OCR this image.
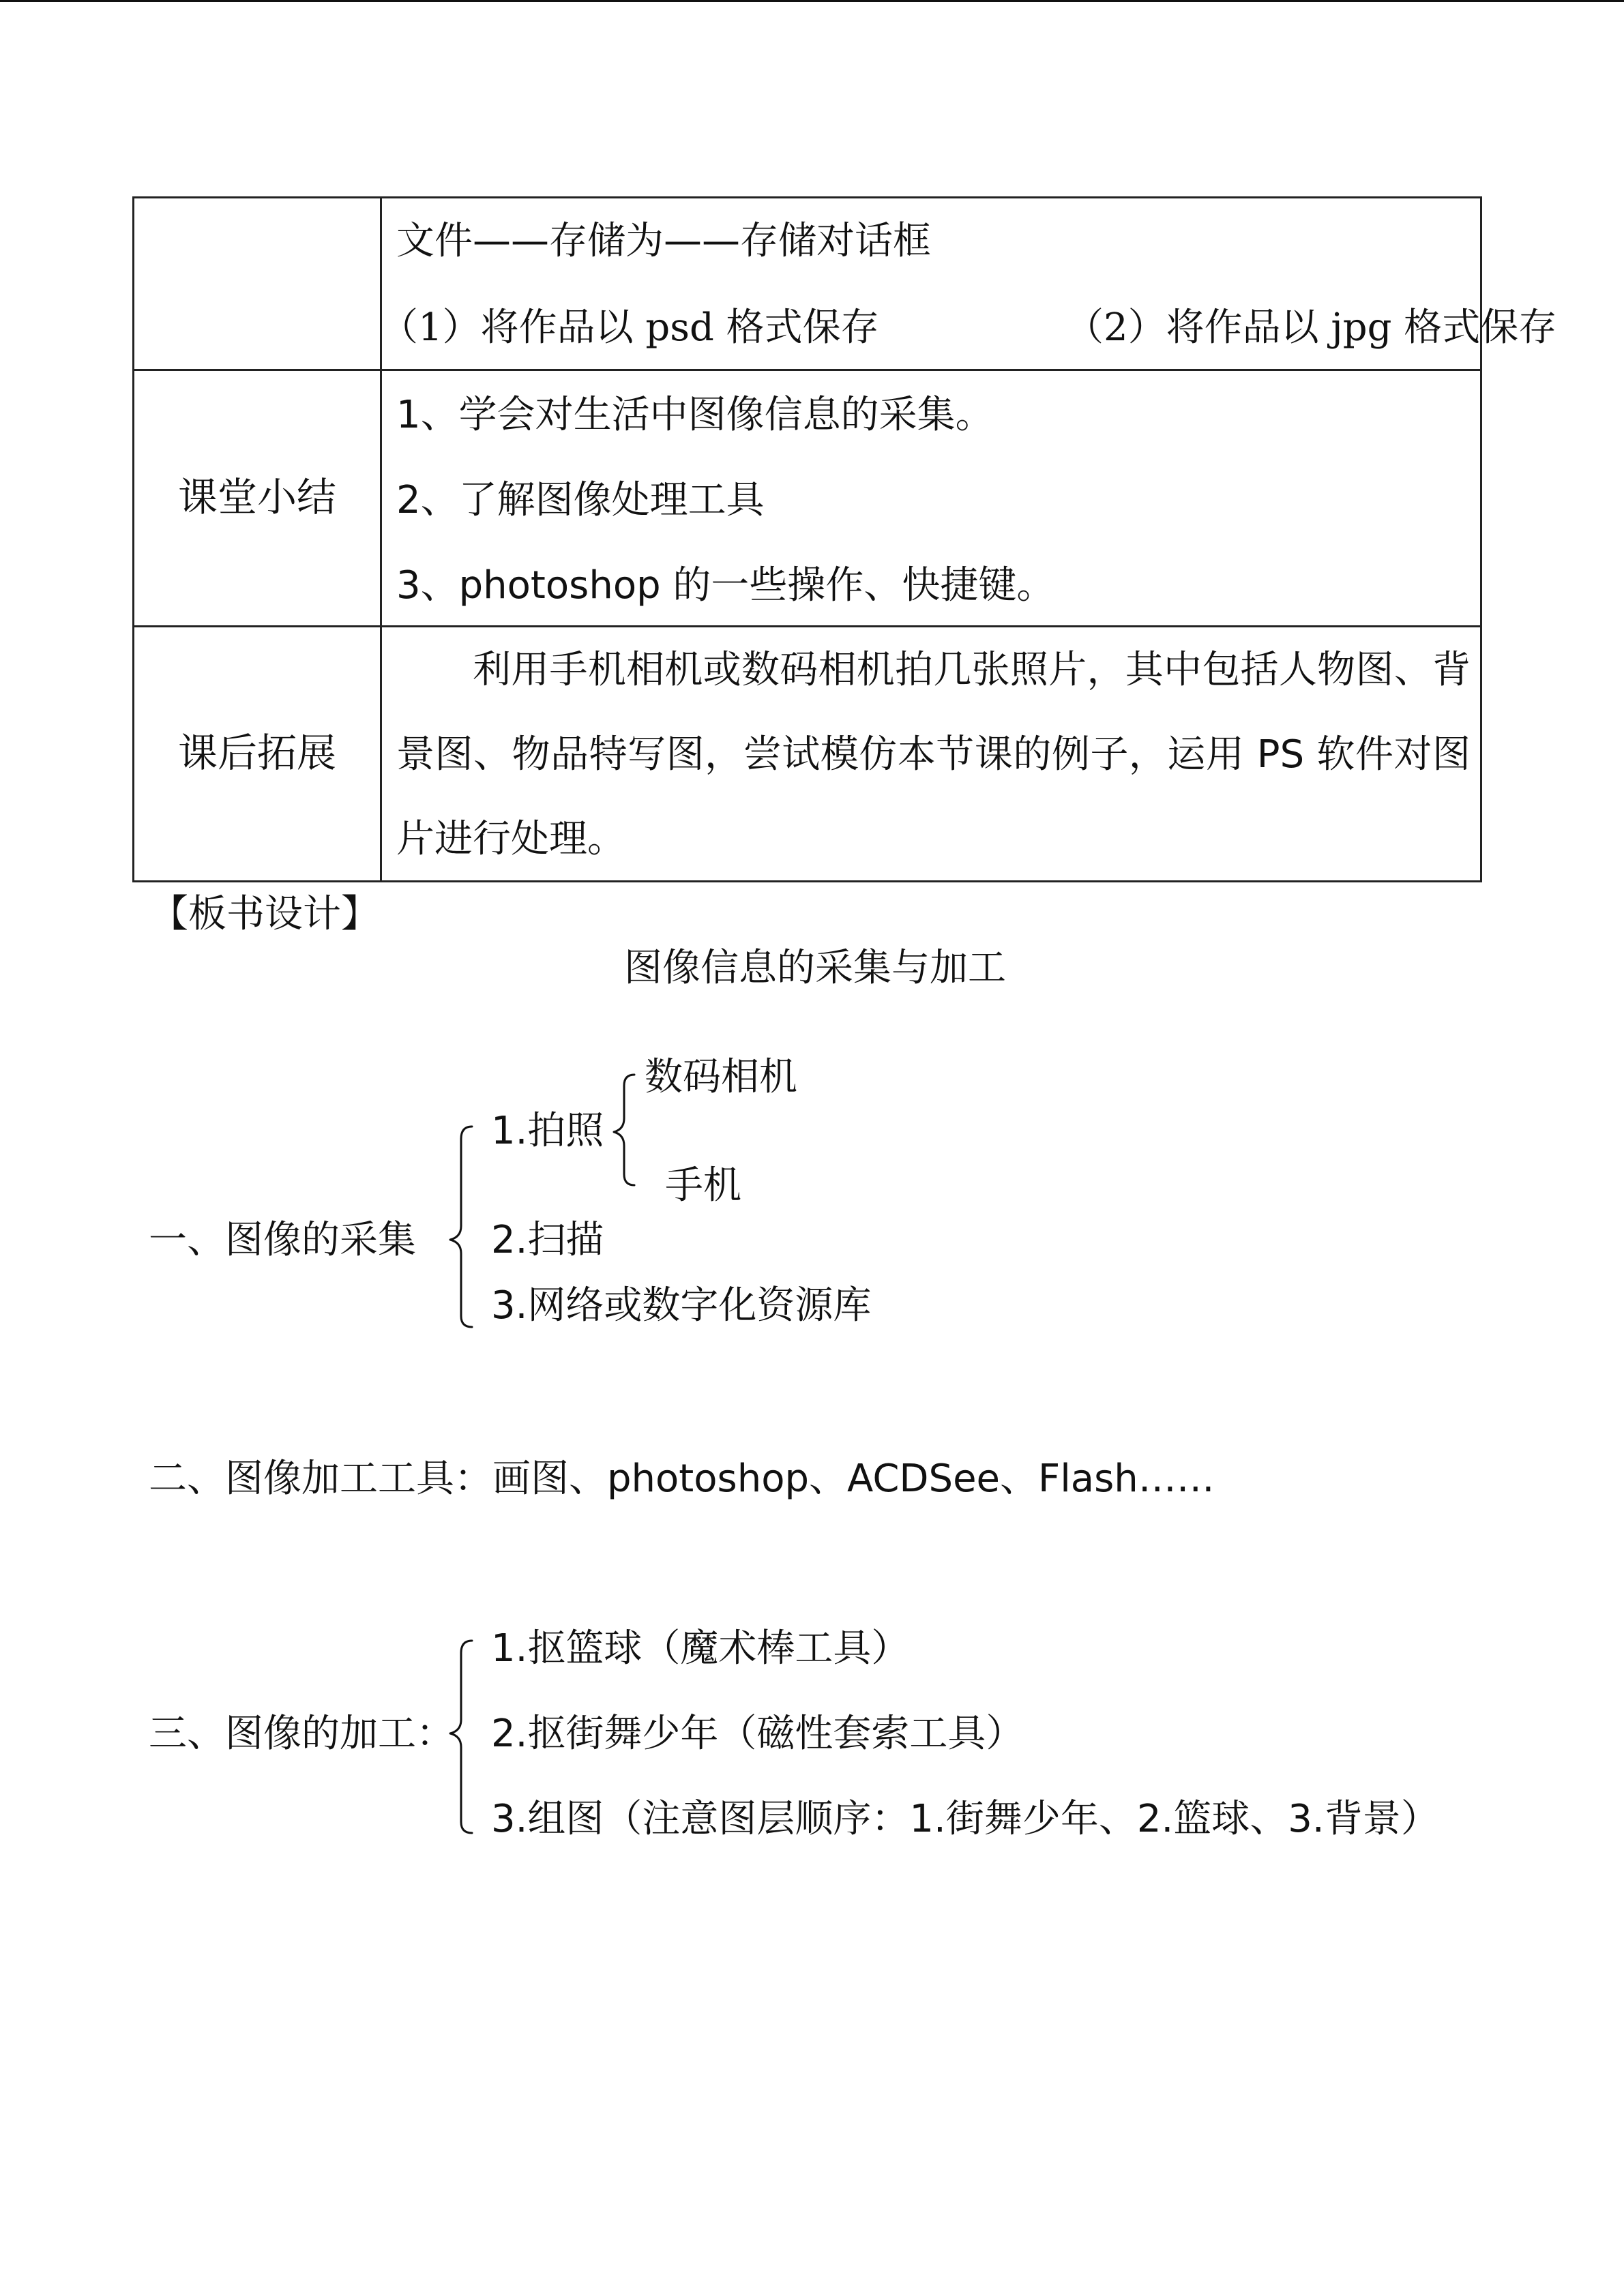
文件——存储为——存储对话框
（1）将作品以 psd 格式保存	（2）将作品以 jpg 格式保存
课堂小结
1、学会对生活中图像信息的采集。
2、了解图像处理工具
3、photoshop 的一些操作、快捷键。
课后拓展
利用手机相机或数码相机拍几张照片，其中包括人物图、背景图、物品特写图，尝试模仿本节课的例子，运用 PS 软件对图片进行处理。
【板书设计】
图像信息的采集与加工
一、图像的采集
1.拍照
数码相机
手机
2.扫描
3.网络或数字化资源库
二、图像加工工具：画图、photoshop、ACDSee、Flash……
三、图像的加工：
1.抠篮球（魔术棒工具）
2.抠街舞少年（磁性套索工具）
3.组图（注意图层顺序：1.街舞少年、2.篮球、3.背景）
